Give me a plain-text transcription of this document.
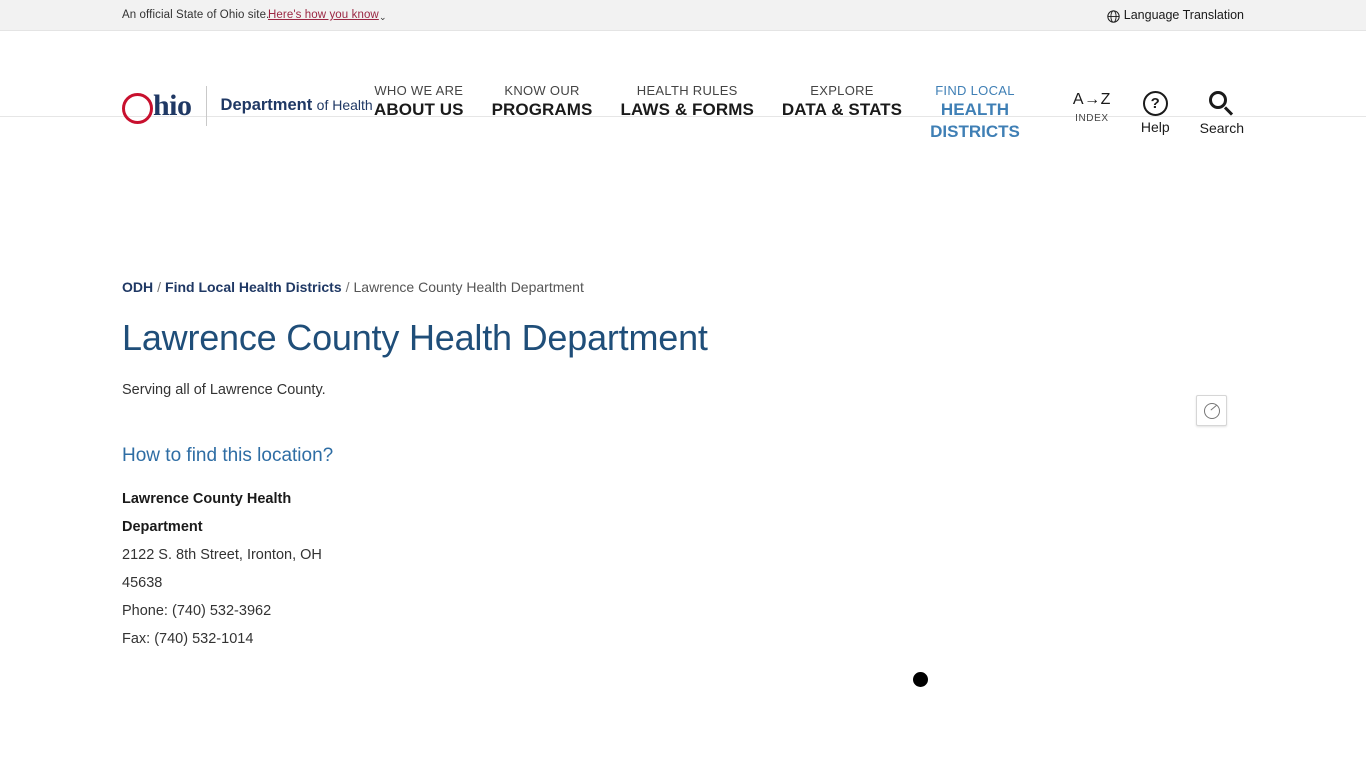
An official State of Ohio site.
Here's how you know ⌄	Language Translation
hio Department of Health
WHO WE ARE
ABOUT US
KNOW OUR
PROGRAMS
HEALTH RULES
LAWS & FORMS
EXPLORE
DATA & STATS
FIND LOCAL
HEALTH
DISTRICTS
A→Z
INDEX
?
Help Search
ODH / Find Local Health Districts / Lawrence County Health Department
Lawrence County Health Department

Serving all of Lawrence County.

How to find this location?
Lawrence County Health
Department
2122 S. 8th Street, Ironton, OH
45638
Phone: (740) 532-3962
Fax: (740) 532-1014
